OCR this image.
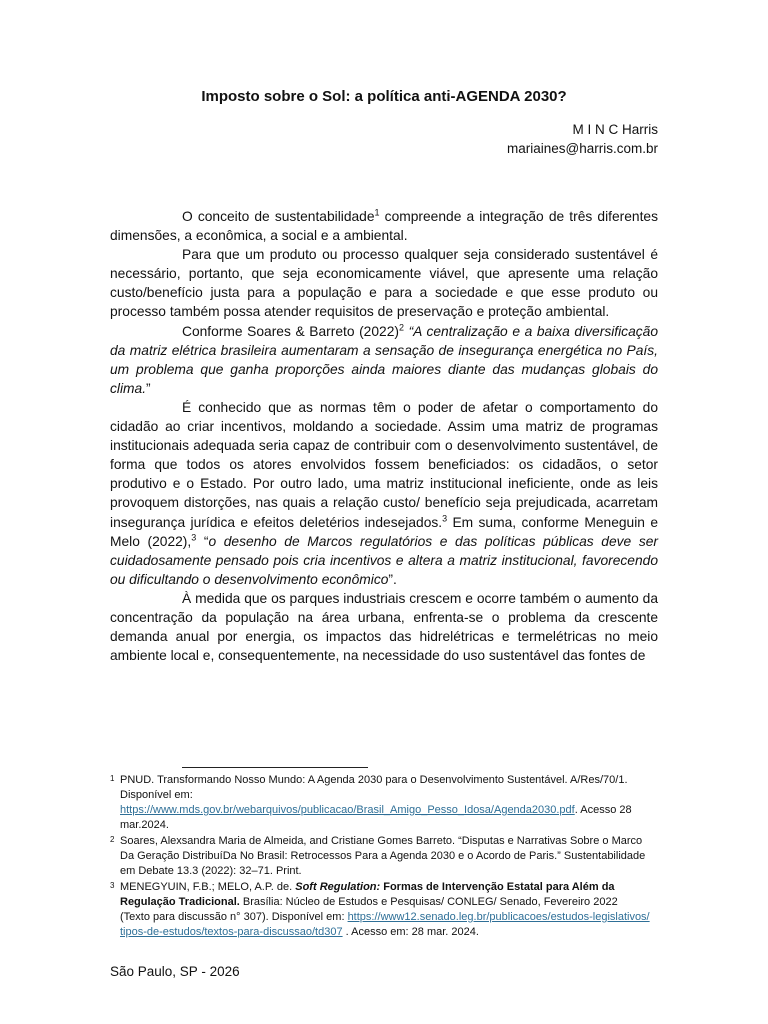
Imposto sobre o Sol: a política anti-AGENDA 2030?
M I N C Harris
mariaines@harris.com.br

O conceito de sustentabilidade$^1$ compreende a integração de três diferentes dimensões, a econômica, a social e a ambiental.

Para que um produto ou processo qualquer seja considerado sustentável é necessário, portanto, que seja economicamente viável, que apresente uma relação custo/benefício justa para a população e para a sociedade e que esse produto ou processo também possa atender requisitos de preservação e proteção ambiental.

Conforme Soares & Barreto $(2022)^2$ “A centralização e a baixa diversificação da matriz elétrica brasileira aumentaram a sensação de insegurança energética no País, um problema que ganha proporções ainda maiores diante das mudanças globais do clima.”

É conhecido que as normas têm o poder de afetar o comportamento do cidadão ao criar incentivos, moldando a sociedade. Assim uma matriz de programas institucionais adequada seria capaz de contribuir com o desenvolvimento sustentável, de forma que todos os atores envolvidos fossem beneficiados: os cidadãos, o setor produtivo e o Estado. Por outro lado, uma matriz institucional ineficiente, onde as leis provoquem distorções, nas quais a relação custo/ benefício seja prejudicada, acarretam insegurança jurídica e efeitos deletérios indesejados.$^3$ Em suma, conforme Meneguin e Melo (2022),$^3$ “o desenho de Marcos regulatórios e das políticas públicas deve ser cuidadosamente pensado pois cria incentivos e altera a matriz institucional, favorecendo ou dificultando o desenvolvimento econômico”.

À medida que os parques industriais crescem e ocorre também o aumento da concentração da população na área urbana, enfrenta-se o problema da crescente demanda anual por energia, os impactos das hidrelétricas e termelétricas no meio ambiente local e, consequentemente, na necessidade do uso sustentável das fontes de

1 PNUD. Transformando Nosso Mundo: A Agenda 2030 para o Desenvolvimento Sustentável. A/Res/70/1. Disponível em:
https://www.mds.gov.br/webarquivos/publicacao/Brasil_Amigo_Pesso_Idosa/Agenda2030.pdf. Acesso 28 mar.2024.
2 Soares, Alexsandra Maria de Almeida, and Cristiane Gomes Barreto. “Disputas e Narrativas Sobre o Marco Da Geração DistribuíDa No Brasil: Retrocessos Para a Agenda 2030 e o Acordo de Paris.” Sustentabilidade em Debate 13.3 (2022): 32–71. Print.
3 MENEGYUIN, F.B.; MELO, A.P. de. Soft Regulation: Formas de Intervenção Estatal para Além da Regulação Tradicional. Brasília: Núcleo de Estudos e Pesquisas/ CONLEG/ Senado, Fevereiro 2022 (Texto para discussão n° 307). Disponível em: https://www12.senado.leg.br/publicacoes/estudos-legislativos/tipos-de-estudos/textos-para-discussao/td307 . Acesso em: 28 mar. 2024.
São Paulo, SP - 2026
